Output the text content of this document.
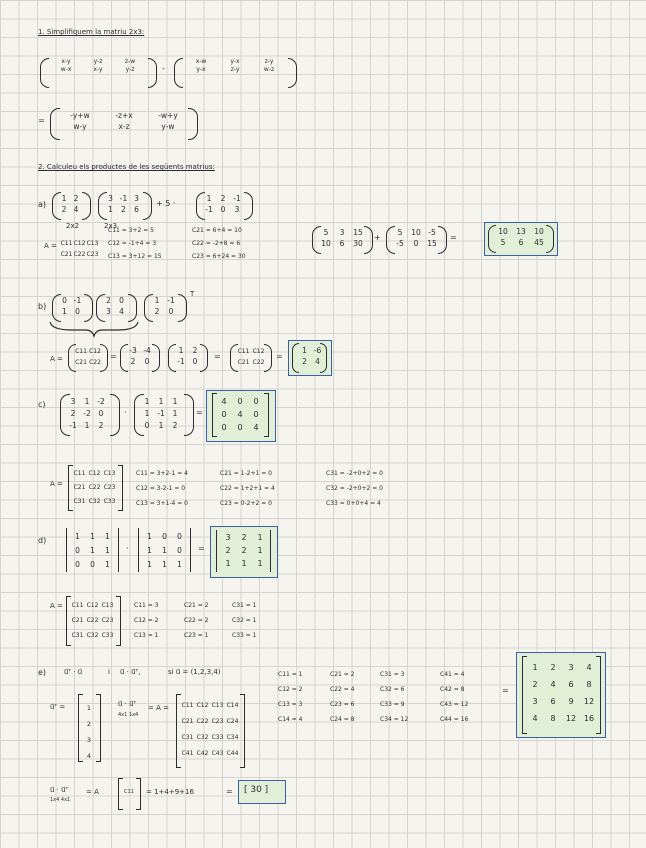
1. Simplifiquem la matriu 2x3:
x-y	y-z	z-w
w-x	x-y	y-z	-
x-w	y-x	z-y
y-x	z-y	w-z
=
-y+w	-z+x	-w+y
w-y	x-z	y-w
2. Calculeu els productes de les següents matrius:
a)
1 2
2 4
3 -1 3
1	2	6
+ 5 ·
1	2	-1
-1	0	3
2x2	2x3
A = C11 C12 C13
C21 C22 C23
C11 = 3+2 = 5
C12 = -1+4 = 3
C13 = 3+12 = 15
C21 = 6+4 = 10
C22 = -2+8 = 6
C23 = 6+24 = 30
5	3	15
10	6	30
+
5	10 -5
-5	0	15
=
10	13	10
5	6	45
b)
0 -1
1	0
2	0
3	4
1	-1
2	0
T
A =
C11 C12
C21 C22
=
-3 -4
2	0
1	2
-1	0
=
C11 C12
C21 C22
=
1 -6
2	4
c)	3	1	-2
2	-2	0
-1	1	2
·
1	1	1
1	-1	1
0	1	2
=
4	0	0
0	4	0
0	0	4
A =
C11 C12 C13
C21 C22 C23
C31 C32 C33
C11 = 3+2-1 = 4
C12 = 3-2-1 = 0
C13 = 3+1-4 = 0
C21 = 1-2+1 = 0
C22 = 1+2+1 = 4
C23 = 0-2+2 = 0
C31 = -2+0+2 = 0
C32 = -2+0+2 = 0
C33 = 0+0+4 = 4
d)	1	1	1
0	1	1
0	0	1
·
1	0	0
1	1	0
1	1	1
=
3	2	1
2	2	1
1	1	1
A = C11 C12 C13
C21 C22 C23
C31 C32 C33
C11 = 3
C12 = 2
C13 = 1
C21 = 2
C22 = 2
C23 = 1
C31 = 1
C32 = 1
C33 = 1
e)	u⃗ᵀ · u⃗	i u⃗ · u⃗ᵀ,	si u⃗ = (1,2,3,4)
u⃗ᵀ =	1
2
3
4
u⃗ · u⃗ᵀ
4x1 1x4
= A = C11 C12 C13 C14
C21 C22 C23 C24
C31 C32 C33 C34
C41 C42 C43 C44
C11 = 1
C12 = 2
C13 = 3
C14 = 4
C21 = 2
C22 = 4
C23 = 6
C24 = 8
C31 = 3
C32 = 6
C33 = 9
C34 = 12
C41 = 4
C42 = 8
C43 = 12
C44 = 16
=
1	2	3	4
2	4	6	8
3	6	9	12
4	8	12 16
u⃗ · u⃗ᵀ
1x4 4x1
= A	C11 = 1+4+9+16	= [ 30 ]
